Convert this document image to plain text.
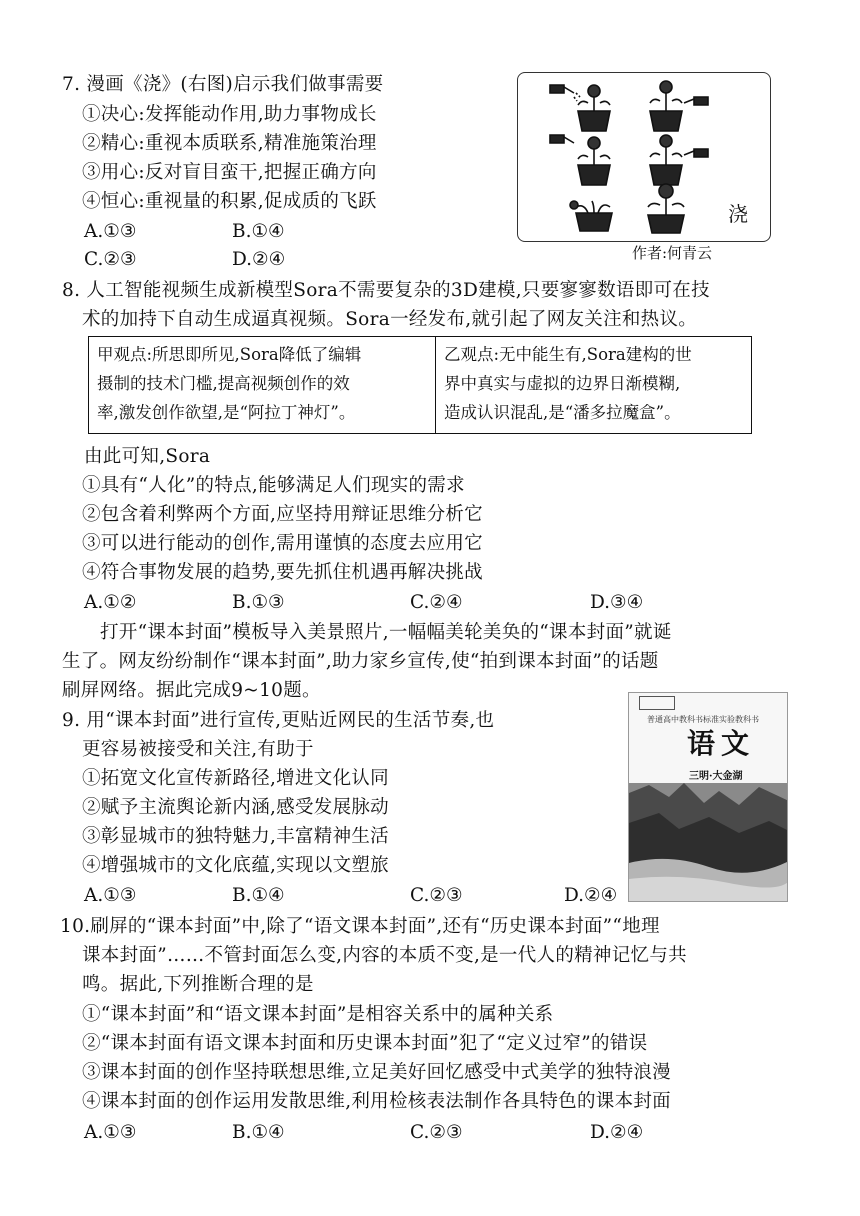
7. 漫画《浇》(右图)启示我们做事需要
①决心:发挥能动作用,助力事物成长
②精心:重视本质联系,精准施策治理
③用心:反对盲目蛮干,把握正确方向
④恒心:重视量的积累,促成质的飞跃
A.①③	B.①④
C.②③	D.②④
浇
作者:何青云
8. 人工智能视频生成新模型Sora不需要复杂的3D建模,只要寥寥数语即可在技
术的加持下自动生成逼真视频。Sora一经发布,就引起了网友关注和热议。
甲观点:所思即所见,Sora降低了编辑
摄制的技术门槛,提高视频创作的效
率,激发创作欲望,是“阿拉丁神灯”。
乙观点:无中能生有,Sora建构的世
界中真实与虚拟的边界日渐模糊,
造成认识混乱,是“潘多拉魔盒”。
由此可知,Sora
①具有“人化”的特点,能够满足人们现实的需求
②包含着利弊两个方面,应坚持用辩证思维分析它
③可以进行能动的创作,需用谨慎的态度去应用它
④符合事物发展的趋势,要先抓住机遇再解决挑战
A.①②	B.①③	C.②④	D.③④
打开“课本封面”模板导入美景照片,一幅幅美轮美奂的“课本封面”就诞
生了。网友纷纷制作“课本封面”,助力家乡宣传,使“拍到课本封面”的话题
刷屏网络。据此完成9~10题。
9. 用“课本封面”进行宣传,更贴近网民的生活节奏,也
更容易被接受和关注,有助于
①拓宽文化宣传新路径,增进文化认同
②赋予主流舆论新内涵,感受发展脉动
③彰显城市的独特魅力,丰富精神生活
④增强城市的文化底蕴,实现以文塑旅
A.①③	B.①④	C.②③	D.②④
普通高中教科书标准实验教科书
语文
三明·大金湖
10.刷屏的“课本封面”中,除了“语文课本封面”,还有“历史课本封面”“地理
课本封面”……不管封面怎么变,内容的本质不变,是一代人的精神记忆与共
鸣。据此,下列推断合理的是
①“课本封面”和“语文课本封面”是相容关系中的属种关系
②“课本封面有语文课本封面和历史课本封面”犯了“定义过窄”的错误
③课本封面的创作坚持联想思维,立足美好回忆感受中式美学的独特浪漫
④课本封面的创作运用发散思维,利用检核表法制作各具特色的课本封面
A.①③	B.①④	C.②③	D.②④
